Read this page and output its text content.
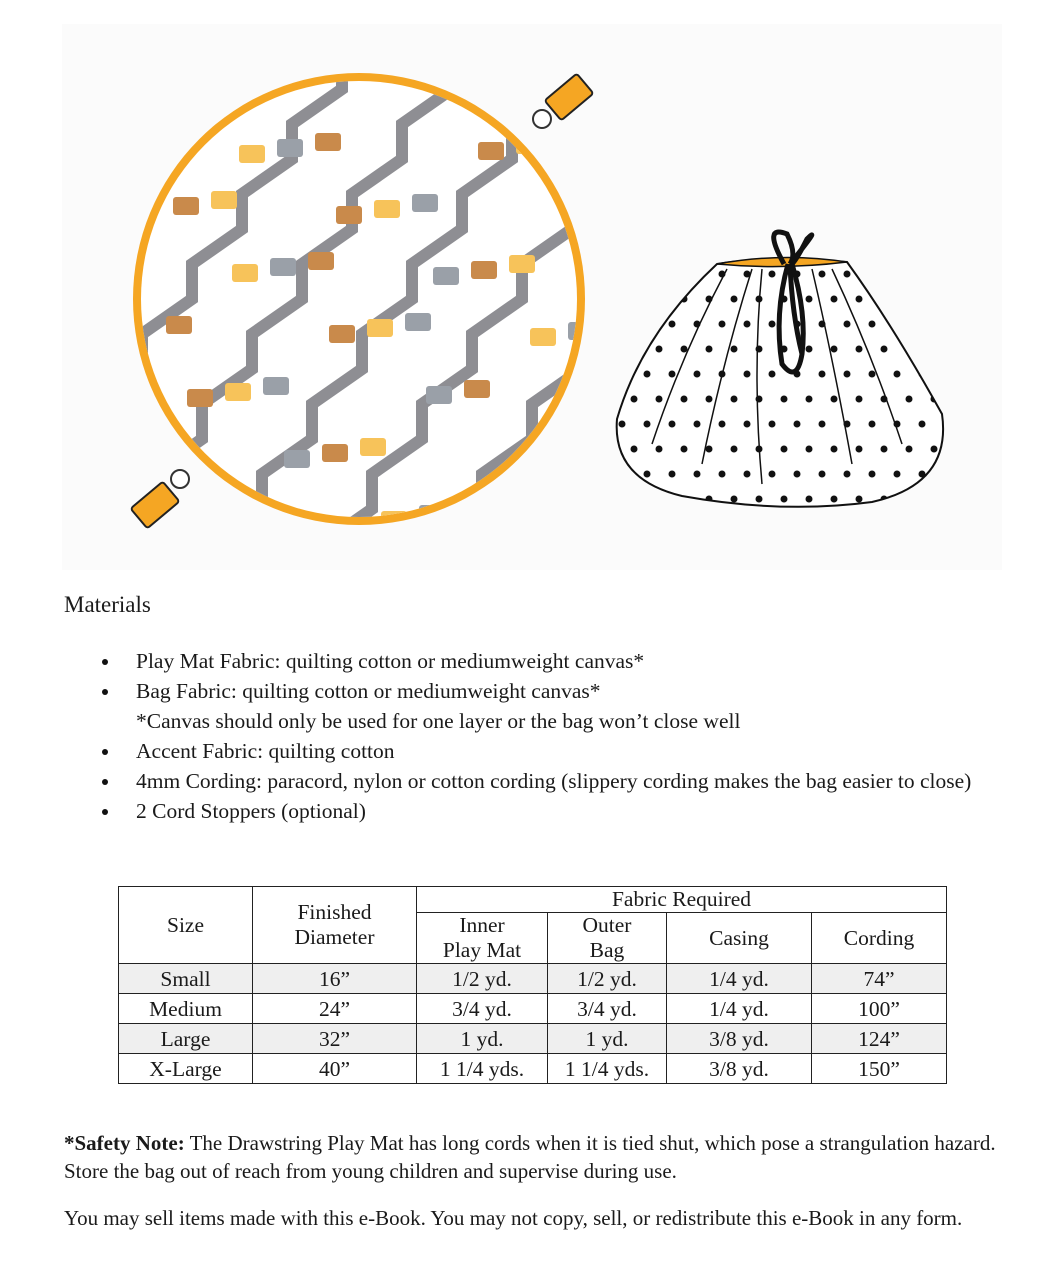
Materials
Play Mat Fabric: quilting cotton or mediumweight canvas*
Bag Fabric: quilting cotton or mediumweight canvas*
*Canvas should only be used for one layer or the bag won’t close well
Accent Fabric: quilting cotton
4mm Cording: paracord, nylon or cotton cording (slippery cording makes the bag easier to close)
2 Cord Stoppers (optional)
Size	Finished Diameter	Fabric Required			
		Inner Play Mat	Outer Bag	Casing	Cording
Small	16”	1/2 yd.	1/2 yd.	1/4 yd.	74”
Medium	24”	3/4 yd.	3/4 yd.	1/4 yd.	100”
Large	32”	1 yd.	1 yd.	3/8 yd.	124”
X-Large	40”	1 1/4 yds.	1 1/4 yds.	3/8 yd.	150”
*Safety Note: The Drawstring Play Mat has long cords when it is tied shut, which pose a strangulation hazard. Store the bag out of reach from young children and supervise during use.
You may sell items made with this e-Book. You may not copy, sell, or redistribute this e-Book in any form.
